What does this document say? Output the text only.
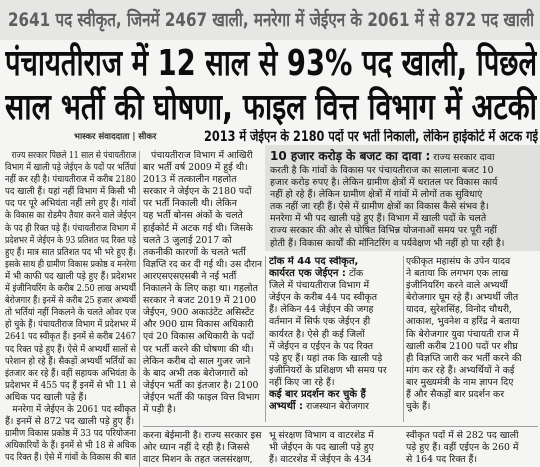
2641 पद स्वीकृत, जिनमें 2467 खाली, मनरेगा में जेईएन के 2061 में से 872 पद खाली
पंचायतीराज में 12 साल से 93% पद खाली, पिछले
साल भर्ती की घोषणा, फाइल वित्त विभाग में अटकी
भास्कर संवाददाता | सीकर	2013 में जेईएन के 2180 पदों पर भर्ती निकाली, लेकिन हाईकोर्ट में अटक गई
राज्य सरकार पिछले 11 साल से पंचायतीराज
विभाग में खाली पड़े जेईएन के पदों पर भर्तियां
नहीं कर रही है। पंचायतीराज में करीब 2180
पद खाली हैं। यहां नहीं विभाग में किसी भी
पद पर पूरे अभियंता नहीं लगे हुए हैं। गांवों
के विकास का रोडमैप तैयार करने वाले जेईएन
के पद ही रिक्त पड़े हैं। पंचायतीराज विभाग में
प्रदेशभर में जेईएन के 93 प्रतिशत पद रिक्त पड़े
हुए हैं। मात्र सात प्रतिशत पद भी भरे हुए हैं।
इसके साथ ही ग्रामीण विकास प्रकोष्ठ व मनरेगा
में भी काफी पद खाली पड़े हुए हैं। प्रदेशभर
में इंजीनियरिंग के करीब 2.50 लाख अभ्यर्थी
बेरोजगार हैं। इनमें से करीब 25 हजार अभ्यर्थी
तो भर्तियां नहीं निकलने के चलते ओवर एज
हो चुके हैं। पंचायतीराज विभाग में प्रदेशभर में
2641 पद स्वीकृत हैं। इनमें से करीब 2467
पद रिक्त पड़े हुए हैं। ऐसे में अभ्यर्थी सालों से
परेशान हो रहे हैं। सैकड़ों अभ्यर्थी भर्तियों का
इंतजार कर रहे हैं। वहीं सहायक अभियंता के
प्रदेशभर में 455 पद हैं इनमें से भी 11 से
अधिक पद खाली पड़े हैं।
मनरेगा में जेईएन के 2061 पद स्वीकृत
हैं। इनमें से 872 पद खाली पड़े हुए हैं।
ग्रामीण विकास प्रकोष्ठ में 33 पद परियोजना
अधिकारियों के हैं। इनमें से भी 18 से अधिक
पद रिक्त हैं। ऐसे में गांवों के विकास की बात
पंचायतीराज विभाग में आखिरी
बार भर्ती वर्ष 2009 में हुई थी।
2013 में तत्कालीन गहलोत
सरकार ने जेईएन के 2180 पदों
पर भर्ती निकाली थी। लेकिन
यह भर्ती बोनस अंकों के चलते
हाईकोर्ट में अटक गई थी। जिसके
चलते 3 जुलाई 2017 को
तकनीकी कारणों के चलते भर्ती
विज्ञप्ति रद कर दी गई थी। उस दौरान
आरएसएसएसबी ने नई भर्ती
निकालने के लिए कहा था। गहलोत
सरकार ने बजट 2019 में 2100
जेईएन, 900 अकाउंटेंट असिस्टेंट
और 900 ग्राम विकास अधिकारी
एवं 20 विकास अधिकारी के पदों
पर भर्ती करने की घोषणा की थी।
लेकिन करीब दो साल गुजर जाने
के बाद अभी तक बेरोजगारों को
जेईएन भर्ती का इंतजार है। 2100
जेईएन भर्ती की फाइल वित्त विभाग
में पड़ी है।
10 हजार करोड़ के बजट का दावा : राज्य सरकार दावा
करती है कि गांवों के विकास पर पंचायतीराज का सालाना बजट 10
हजार करोड़ रुपए है। लेकिन ग्रामीण क्षेत्रों में धरातल पर विकास कार्य
नहीं हो रहे हैं। लेकिन ग्रामीण क्षेत्रों में गांवों में लोगों तक सुविधाएं
तक नहीं जा रही हैं। ऐसे में ग्रामीण क्षेत्रों का विकास कैसे संभव है।
मनरेगा में भी पद खाली पड़े हुए हैं। विभाग में खाली पदों के चलते
राज्य सरकार की ओर से घोषित विभिन्न योजनाओं समय पर पूरी नहीं
होती हैं। विकास कार्यों की मॉनिटरिंग व पर्यवेक्षण भी नहीं हो पा रही है।
टोंक में 44 पद स्वीकृत,
कार्यरत एक जेईएन : टोंक
जिले में पंचायतीराज विभाग में
जेईएन के करीब 44 पद स्वीकृत
हैं। लेकिन 44 जेईएन की जगह
वर्तमान में सिर्फ एक जेईएन ही
कार्यरत है। ऐसे ही कई जिलों
में जेईएन व एईएन के पद रिक्त
पड़े हुए हैं। यहां तक कि खाली पड़े
इंजीनियरों के प्रशिक्षण भी समय पर
नहीं किए जा रहे हैं।
कई बार प्रदर्शन कर चुके हैं
अभ्यर्थी : राजस्थान बेरोजगार
एकीकृत महासंघ के उपेन यादव
ने बताया कि लगभग एक लाख
इंजीनियरिंग करने वाले अभ्यर्थी
बेरोजगार घूम रहे हैं। अभ्यर्थी जीत
यादव, सुरेशसिंह, विनोद चौधरी,
आकाश, भुवनेश व हरिंद्र ने बताया
कि बेरोजगार युवा पंचायती राज में
खाली करीब 2100 पदों पर शीघ्र
ही विज्ञप्ति जारी कर भर्ती करने की
मांग कर रहे हैं। अभ्यर्थियों ने कई
बार मुख्यमंत्री के नाम ज्ञापन दिए
हैं और सैकड़ों बार प्रदर्शन कर
चुके हैं।
करना बेईमानी है। राज्य सरकार इस
ओर ध्यान नहीं दे रही है। जिससे
वाटर मिशन के तहत जलसंरक्षण,
भू संरक्षण विभाग व वाटरशेड में
भी जेईएन के पद खाली पड़े हुए
हैं। वाटरशेड में जेईएन के 434
स्वीकृत पदों में से 282 पद खाली
पड़े हुए हैं। वहीं एईएन के 260 में
से 164 पद रिक्त हैं।
